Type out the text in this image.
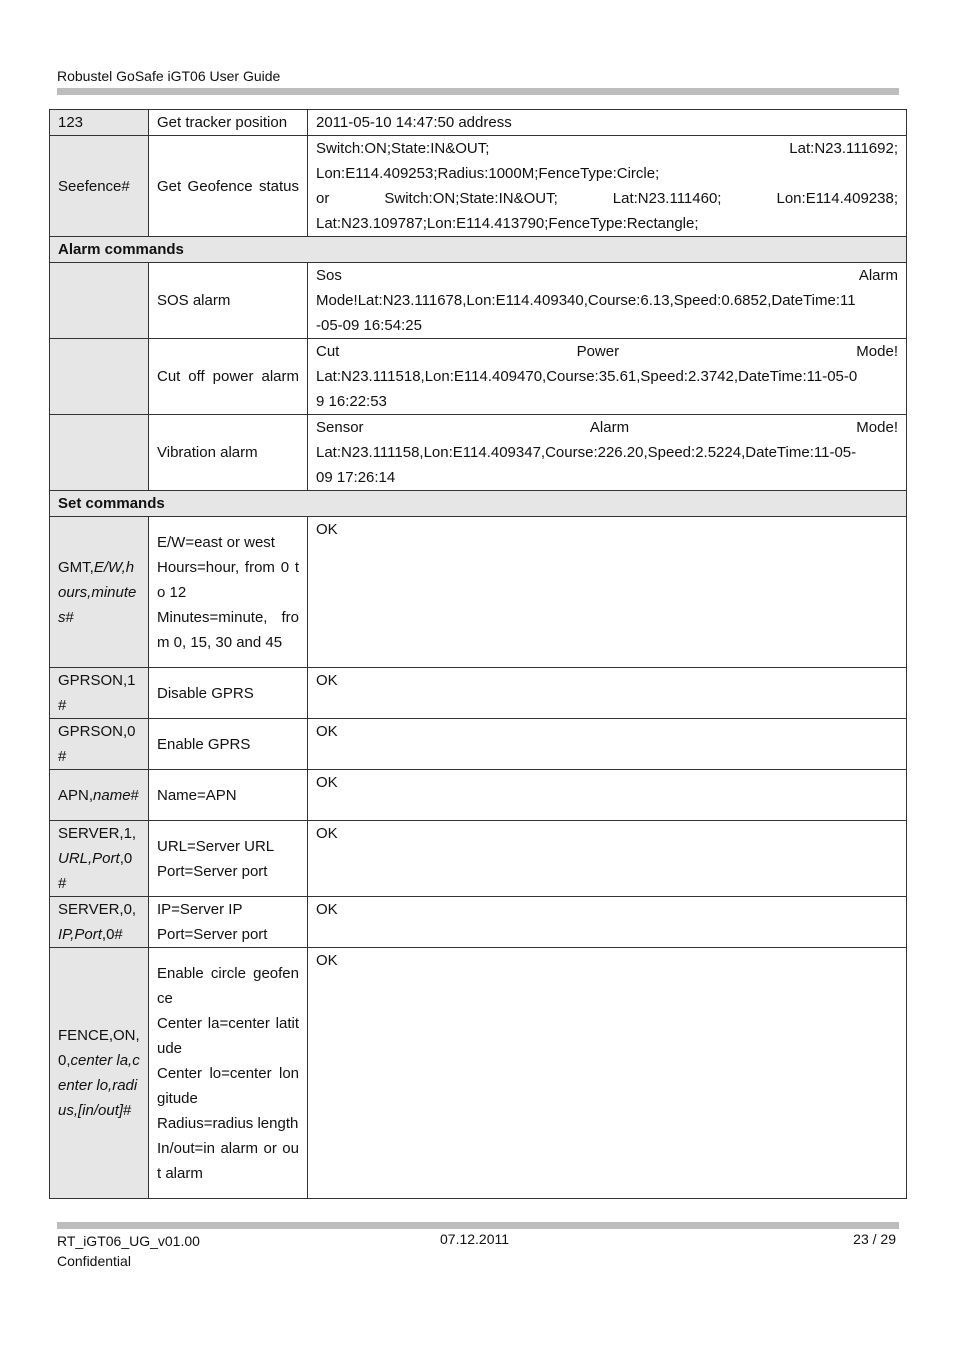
Robustel GoSafe iGT06 User Guide
123	Get tracker position	2011-05-10 14:47:50 address
Seefence#	Get Geofence status	Switch:ON;State:IN&OUT; Lat:N23.111692;
Lon:E114.409253;Radius:1000M;FenceType:Circle;
or Switch:ON;State:IN&OUT; Lat:N23.111460; Lon:E114.409238;
Lat:N23.109787;Lon:E114.413790;FenceType:Rectangle;

Alarm commands		
	SOS alarm	Sos Alarm
Mode!Lat:N23.111678,Lon:E114.409340,Course:6.13,Speed:0.6852,DateTime:11
-05-09 16:54:25

	Cut off power alarm	Cut Power Mode!
Lat:N23.111518,Lon:E114.409470,Course:35.61,Speed:2.3742,DateTime:11-05-0
9 16:22:53

	Vibration alarm	Sensor Alarm Mode!
Lat:N23.111158,Lon:E114.409347,Course:226.20,Speed:2.5224,DateTime:11-05-
09 17:26:14

Set commands		
GMT,E/W,hours,minutes#	E/W=east or west
Hours=hour, from 0 to 12
Minutes=minute, from 0, 15, 30 and 45	OK
GPRSON,1#	Disable GPRS	OK
GPRSON,0#	Enable GPRS	OK
APN,name#	Name=APN	OK
SERVER,1,URL,Port,0#	URL=Server URL
Port=Server port	OK
SERVER,0,IP,Port,0#	IP=Server IP
Port=Server port	OK
FENCE,ON,0,center la,center lo,radius,[in/out]#	Enable circle geofence
Center la=center latitude
Center lo=center longitude
Radius=radius length
In/out=in alarm or out alarm	OK
RT_iGT06_UG_v01.00
Confidential
07.12.2011	23 / 29
